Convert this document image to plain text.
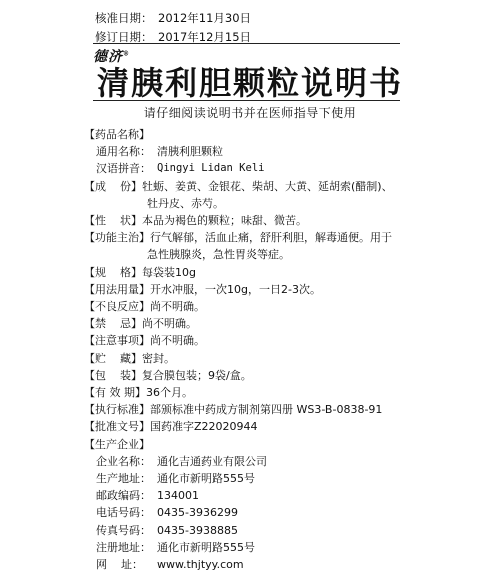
核准日期： 2012年11月30日
修订日期： 2017年12月15日
德济®
清胰利胆颗粒说明书
请仔细阅读说明书并在医师指导下使用
【药品名称】
通用名称： 清胰利胆颗粒
汉语拼音： Qingyi Lidan Keli
【成    份】 牡蛎、姜黄、金银花、柴胡、大黄、延胡索(醋制)、
牡丹皮、赤芍。
【性    状】 本品为褐色的颗粒；味甜、微苦。
【功能主治】 行气解郁，活血止痛，舒肝利胆，解毒通便。用于
急性胰腺炎，急性胃炎等症。
【规    格】 每袋装10g
【用法用量】 开水冲服，一次10g，一日2-3次。
【不良反应】 尚不明确。
【禁    忌】 尚不明确。
【注意事项】 尚不明确。
【贮    藏】 密封。
【包    装】 复合膜包装；9袋/盒。
【有 效 期】 36个月。
【执行标准】 部颁标准中药成方制剂第四册 WS3-B-0838-91
【批准文号】 国药准字Z22020944
【生产企业】
企业名称： 通化吉通药业有限公司
生产地址： 通化市新明路555号
邮政编码： 134001
电话号码： 0435-3936299
传真号码： 0435-3938885
注册地址： 通化市新明路555号
网    址：	www.thjtyy.com
